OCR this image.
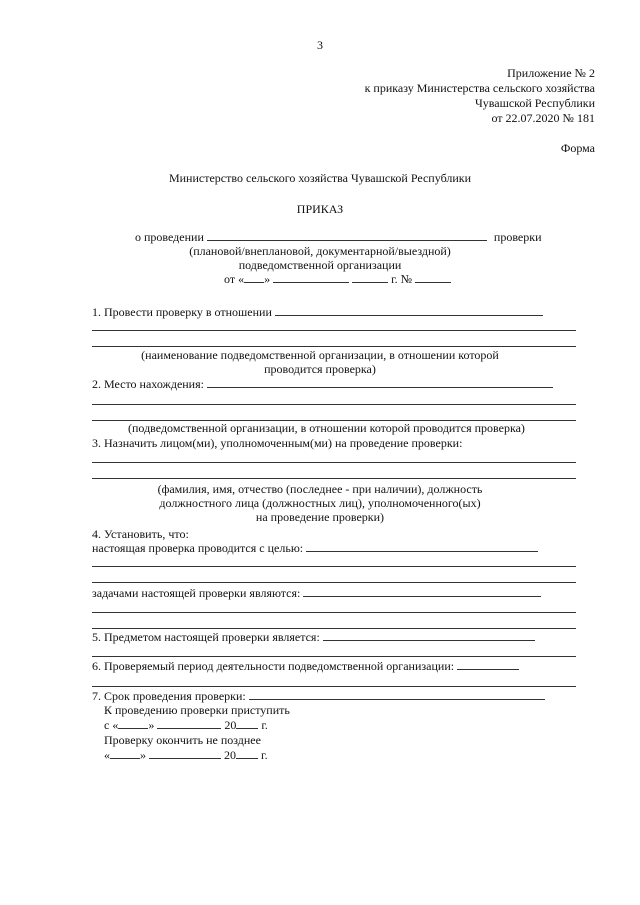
3
Приложение № 2
к приказу Министерства сельского хозяйства
Чувашской Республики
от 22.07.2020 № 181
Форма
Министерство сельского хозяйства Чувашской Республики
ПРИКАЗ
о проведении	проверки
(плановой/внеплановой, документарной/выездной)
подведомственной организации
от « »	г. №
1. Провести проверку в отношении
(наименование подведомственной организации, в отношении которой
проводится проверка)
2. Место нахождения:
(подведомственной организации, в отношении которой проводится проверка)
3. Назначить лицом(ми), уполномоченным(ми) на проведение проверки:
(фамилия, имя, отчество (последнее - при наличии), должность
должностного лица (должностных лиц), уполномоченного(ых)
на проведение проверки)
4. Установить, что:
настоящая проверка проводится с целью:
задачами настоящей проверки являются:
5. Предметом настоящей проверки является:
6. Проверяемый период деятельности подведомственной организации:
7. Срок проведения проверки:
К проведению проверки приступить
с «	»	20 г.
Проверку окончить не позднее
«	»	20 г.
